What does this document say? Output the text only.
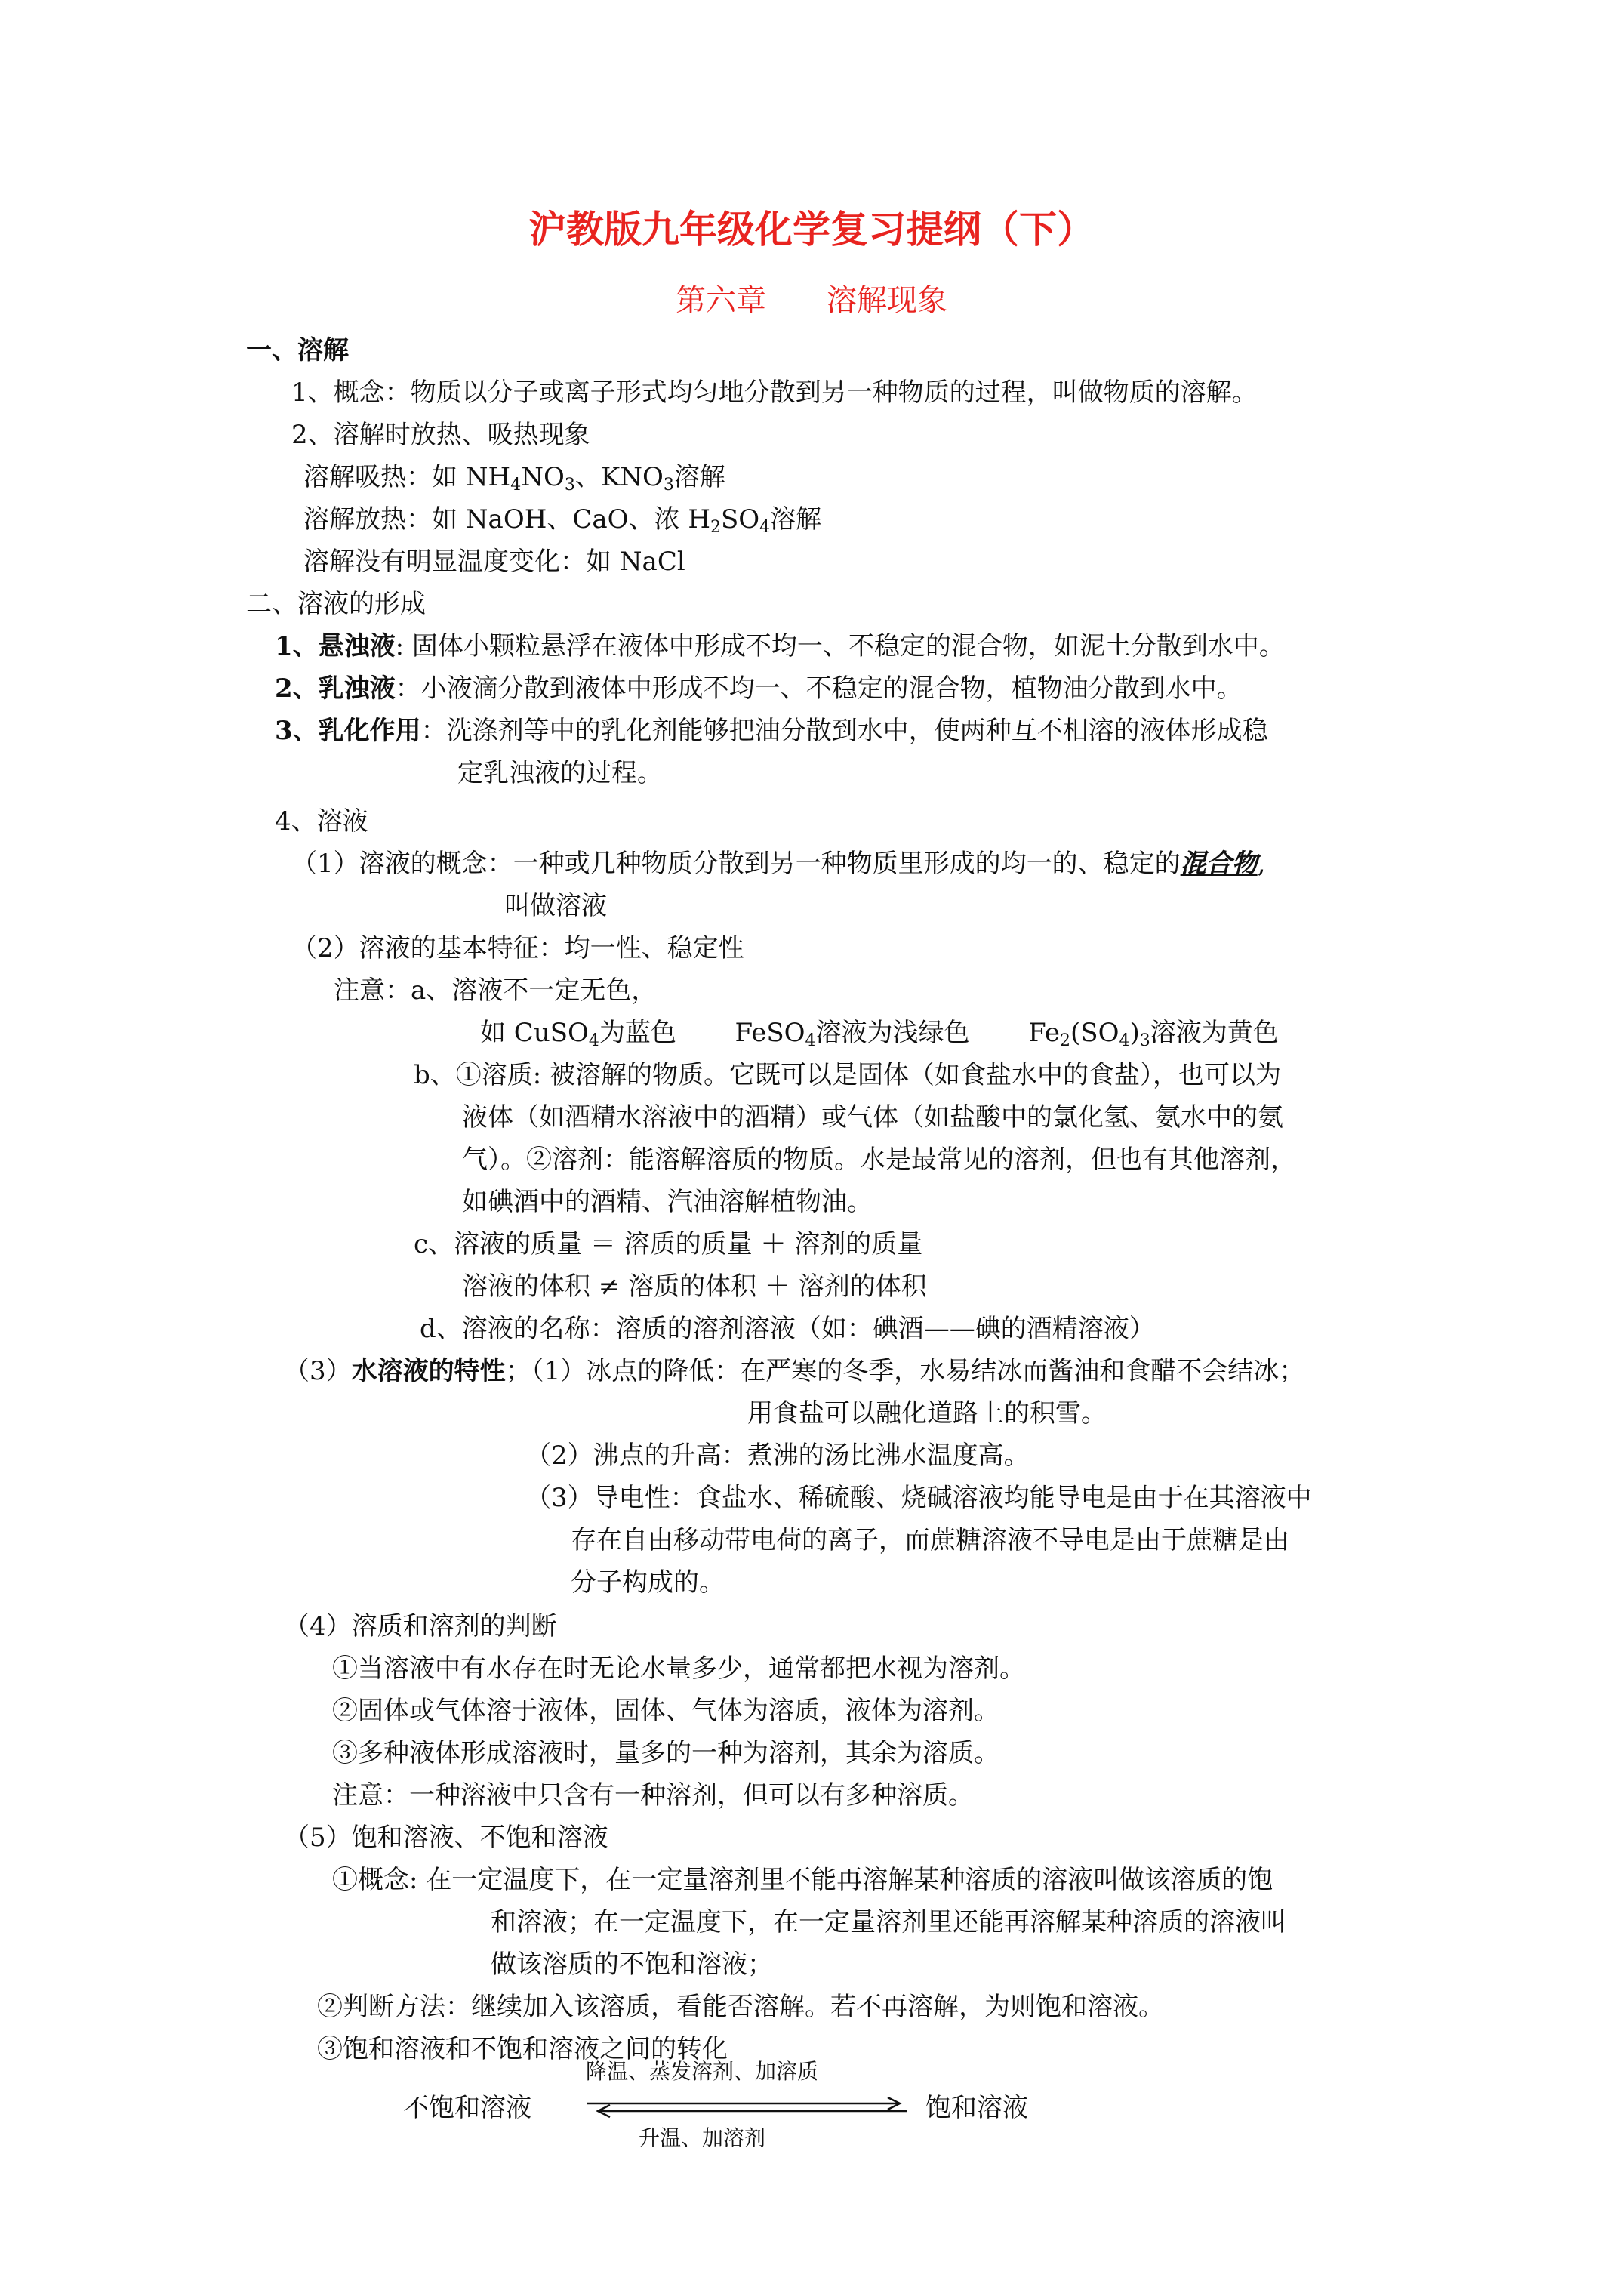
沪教版九年级化学复习提纲（下）
第六章　　溶解现象
一、溶解
1、概念：物质以分子或离子形式均匀地分散到另一种物质的过程，叫做物质的溶解。
2、溶解时放热、吸热现象
溶解吸热：如 $NH_4NO_3$、$KNO_3$溶解
溶解放热：如 NaOH、CaO、浓 $H_2SO_4$溶解
溶解没有明显温度变化：如 NaCl
二、溶液的形成
1、悬浊液: 固体小颗粒悬浮在液体中形成不均一、不稳定的混合物，如泥土分散到水中。
2、乳浊液：小液滴分散到液体中形成不均一、不稳定的混合物，植物油分散到水中。
3、乳化作用：洗涤剂等中的乳化剂能够把油分散到水中，使两种互不相溶的液体形成稳
定乳浊液的过程。
4、溶液
（1）溶液的概念：一种或几种物质分散到另一种物质里形成的均一的、稳定的混合物,
叫做溶液
（2）溶液的基本特征：均一性、稳定性
注意：a、溶液不一定无色，
如 CuSO$_4$为蓝色 FeSO$_4$溶液为浅绿色 $Fe_2(SO_4)_3$溶液为黄色
b、①溶质: 被溶解的物质。它既可以是固体（如食盐水中的食盐），也可以为
液体（如酒精水溶液中的酒精）或气体（如盐酸中的氯化氢、氨水中的氨
气）。②溶剂：能溶解溶质的物质。水是最常见的溶剂，但也有其他溶剂，
如碘酒中的酒精、汽油溶解植物油。
c、溶液的质量 ＝ 溶质的质量 ＋ 溶剂的质量
溶液的体积 ≠ 溶质的体积 ＋ 溶剂的体积
d、溶液的名称：溶质的溶剂溶液（如：碘酒——碘的酒精溶液）
（3）水溶液的特性；（1）冰点的降低：在严寒的冬季，水易结冰而酱油和食醋不会结冰；
用食盐可以融化道路上的积雪。
（2）沸点的升高：煮沸的汤比沸水温度高。
（3）导电性：食盐水、稀硫酸、烧碱溶液均能导电是由于在其溶液中
存在自由移动带电荷的离子，而蔗糖溶液不导电是由于蔗糖是由
分子构成的。
（4）溶质和溶剂的判断
①当溶液中有水存在时无论水量多少，通常都把水视为溶剂。
②固体或气体溶于液体，固体、气体为溶质，液体为溶剂。
③多种液体形成溶液时，量多的一种为溶剂，其余为溶质。
注意：一种溶液中只含有一种溶剂，但可以有多种溶质。
（5）饱和溶液、不饱和溶液
①概念: 在一定温度下，在一定量溶剂里不能再溶解某种溶质的溶液叫做该溶质的饱
和溶液；在一定温度下，在一定量溶剂里还能再溶解某种溶质的溶液叫
做该溶质的不饱和溶液；
②判断方法：继续加入该溶质，看能否溶解。若不再溶解，为则饱和溶液。
③饱和溶液和不饱和溶液之间的转化
不饱和溶液	饱和溶液
降温、蒸发溶剂、加溶质
升温、加溶剂
